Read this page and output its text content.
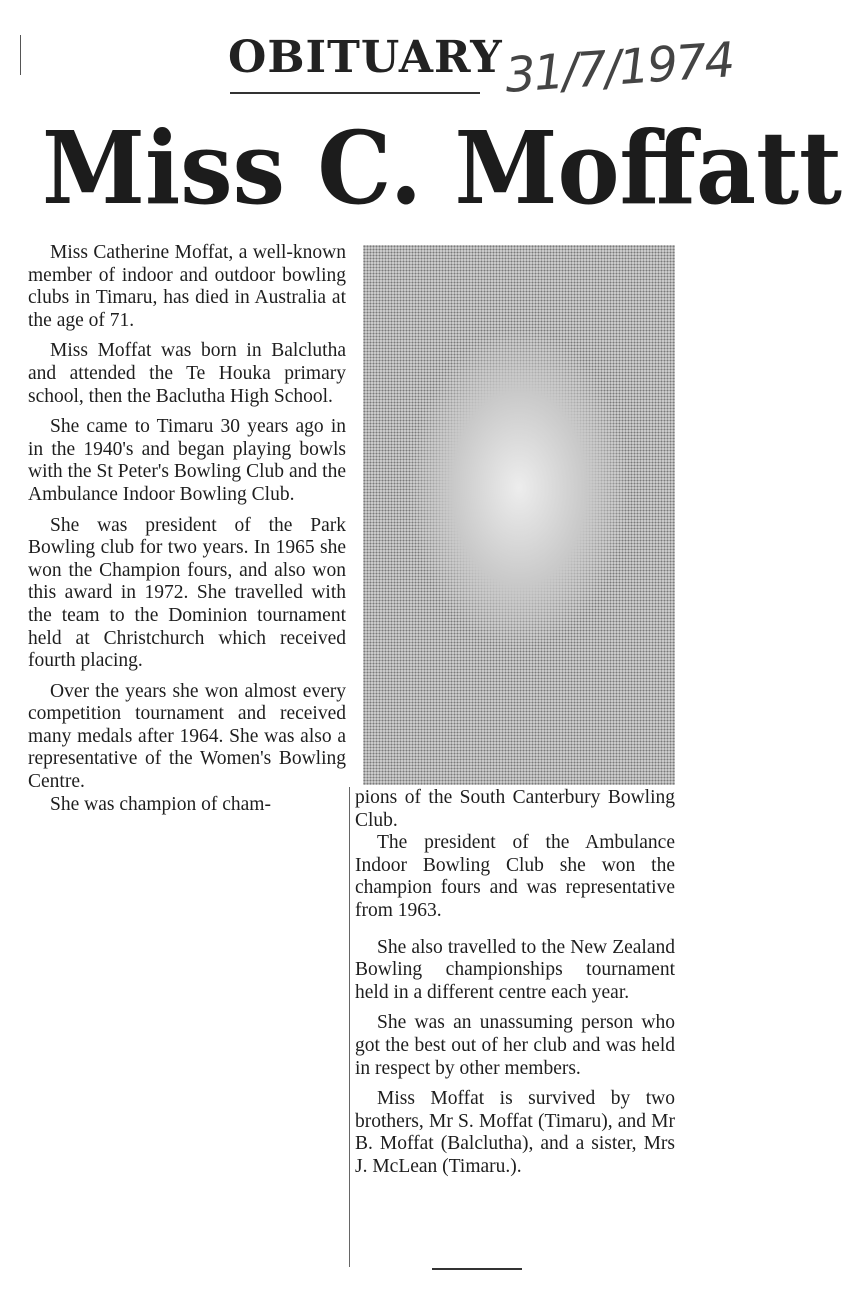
OBITUARY 31/7/1974
Miss C. Moffatt

Miss Catherine Moffat, a well-known member of indoor and outdoor bowling clubs in Timaru, has died in Australia at the age of 71.

Miss Moffat was born in Balclutha and attended the Te Houka primary school, then the Baclutha High School.

She came to Timaru 30 years ago in in the 1940's and began playing bowls with the St Peter's Bowling Club and the Ambulance Indoor Bowling Club.

She was president of the Park Bowling club for two years. In 1965 she won the Champion fours, and also won this award in 1972. She travelled with the team to the Dominion tournament held at Christchurch which received fourth placing.

Over the years she won almost every competition tournament and received many medals after 1964. She was also a representative of the Women's Bowling Centre.

She was champion of cham-	pions of the South Canterbury Bowling Club.

The president of the Ambulance Indoor Bowling Club she won the champion fours and was representative from 1963.

She also travelled to the New Zealand Bowling championships tournament held in a different centre each year.

She was an unassuming person who got the best out of her club and was held in respect by other members.

Miss Moffat is survived by two brothers, Mr S. Moffat (Timaru), and Mr B. Moffat (Balclutha), and a sister, Mrs J. McLean (Timaru.).
